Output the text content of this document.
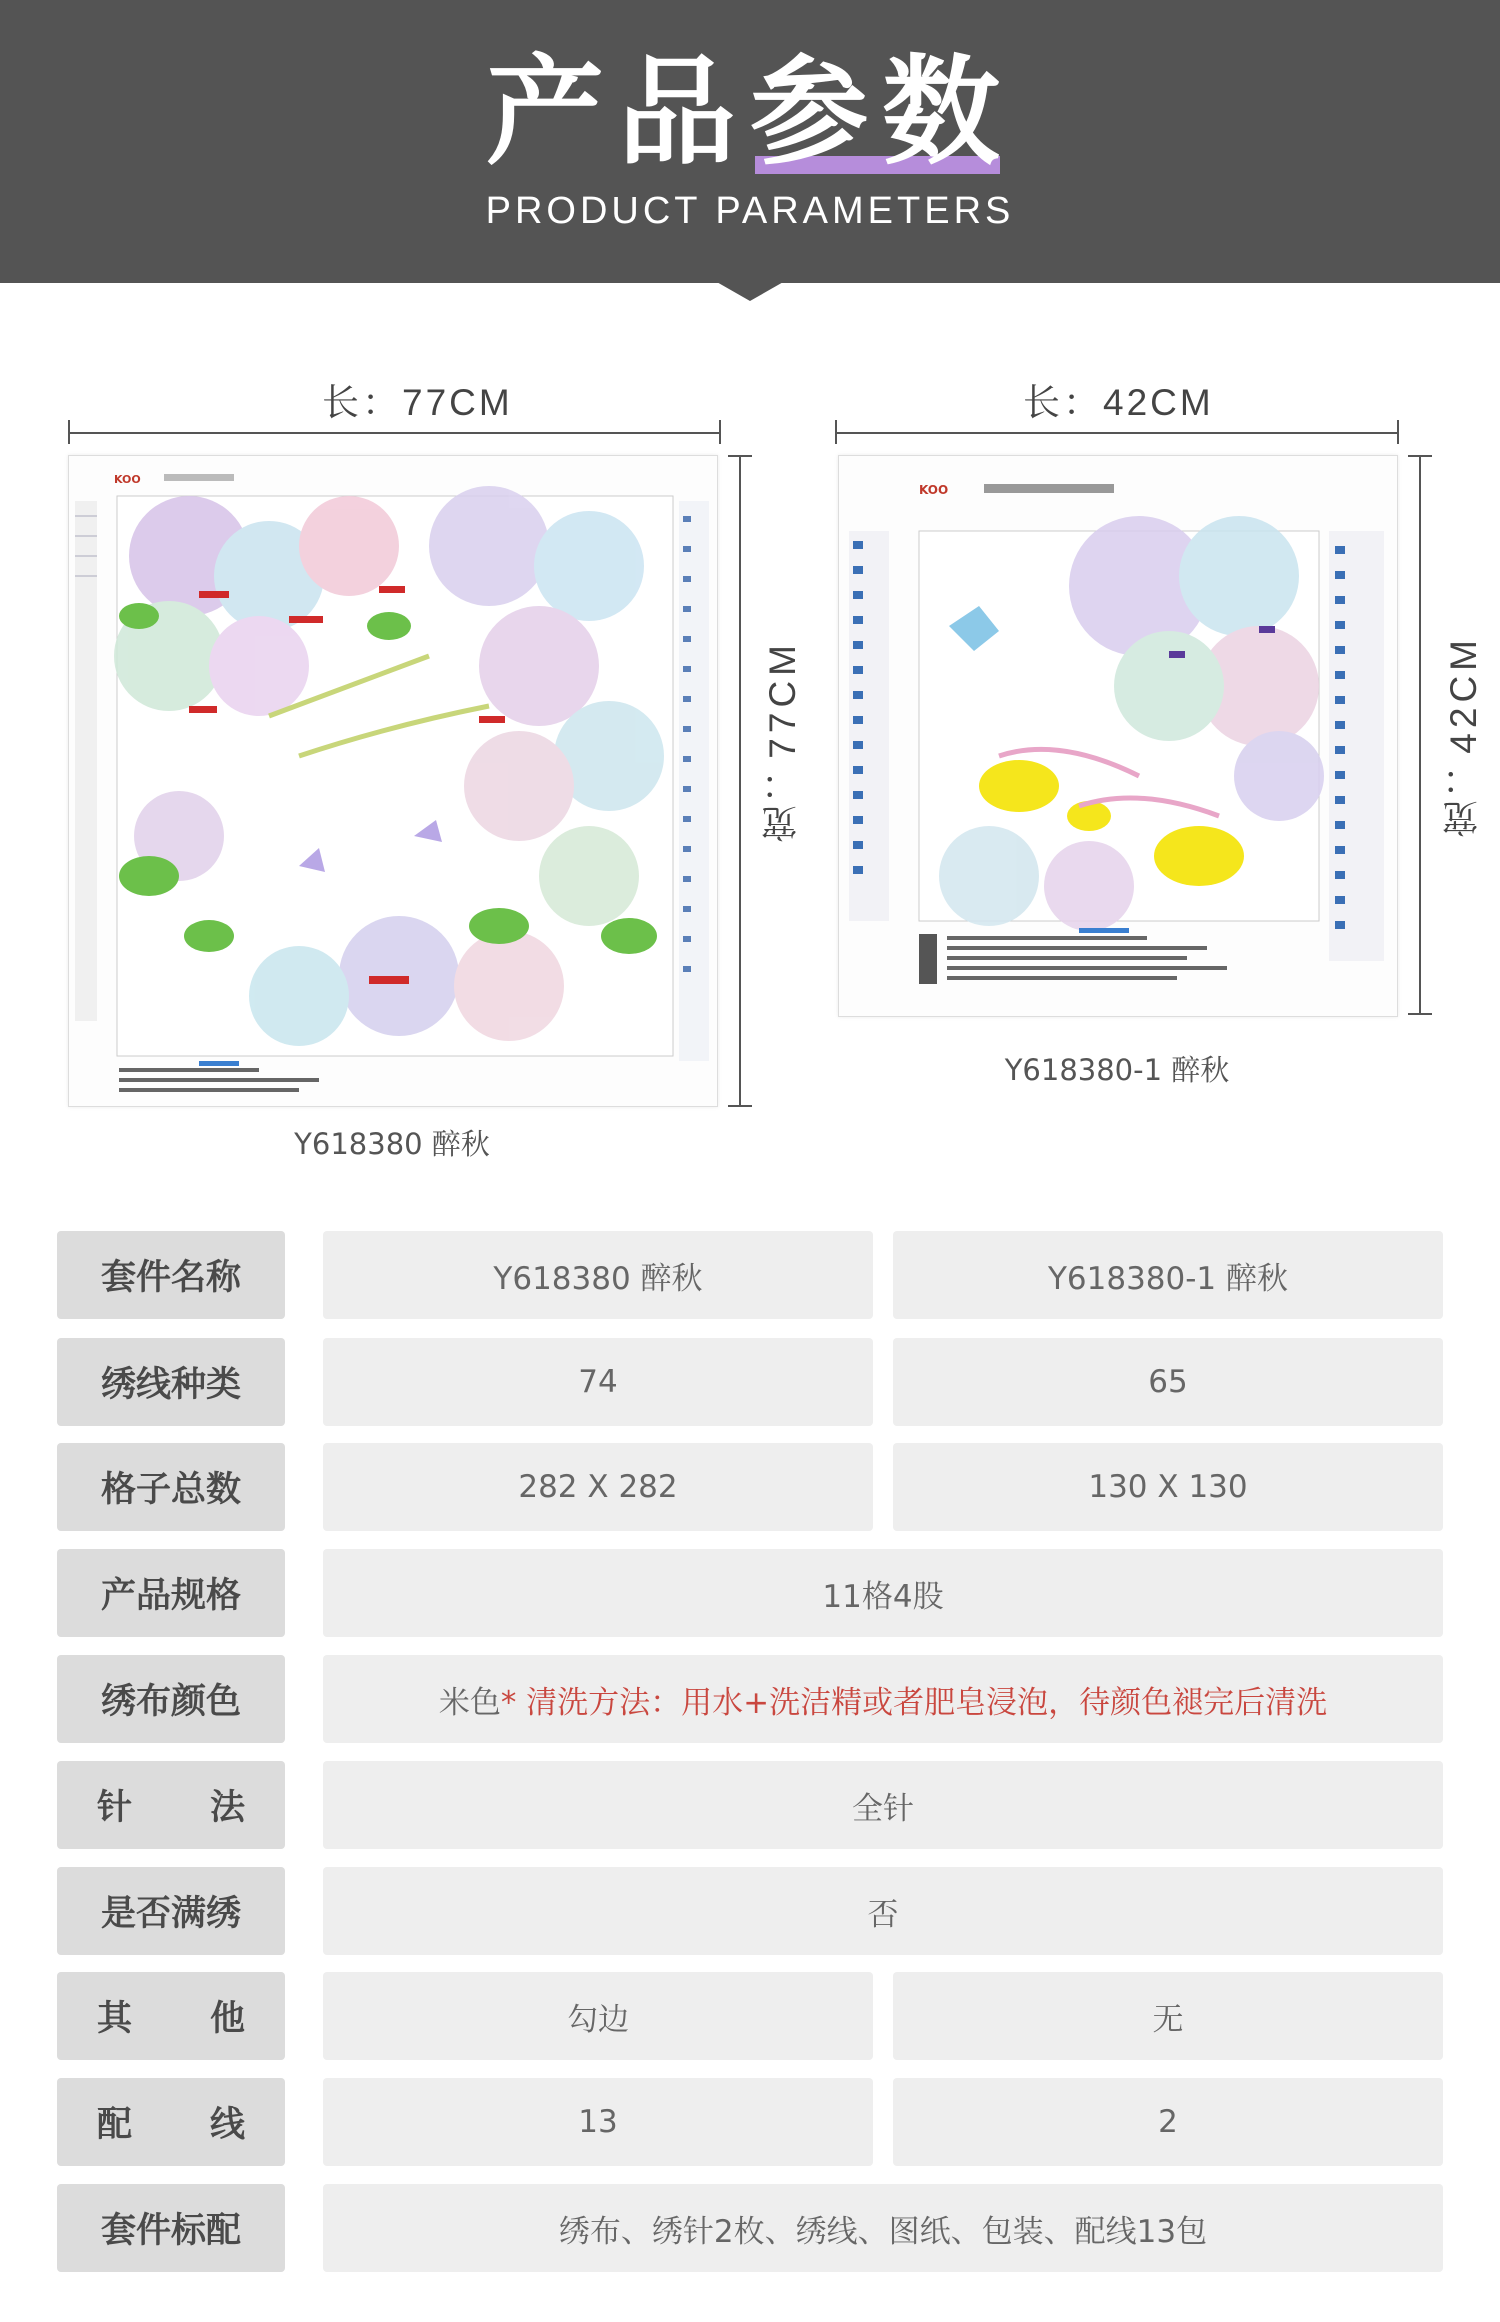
产品参数
PRODUCT PARAMETERS
长：77CM
KOO
宽：77CM
Y618380 醉秋
长：42CM
KOO
宽：42CM
Y618380-1 醉秋
套件名称	Y618380 醉秋	Y618380-1 醉秋
绣线种类	74	65
格子总数	282 X 282	130 X 130
产品规格	11格4股
绣布颜色	米色 * 清洗方法：用水+洗洁精或者肥皂浸泡，待颜色褪完后清洗
针 法	全针
是否满绣	否
其 他	勾边	无
配 线	13	2
套件标配	绣布、绣针2枚、绣线、图纸、包装、配线13包
